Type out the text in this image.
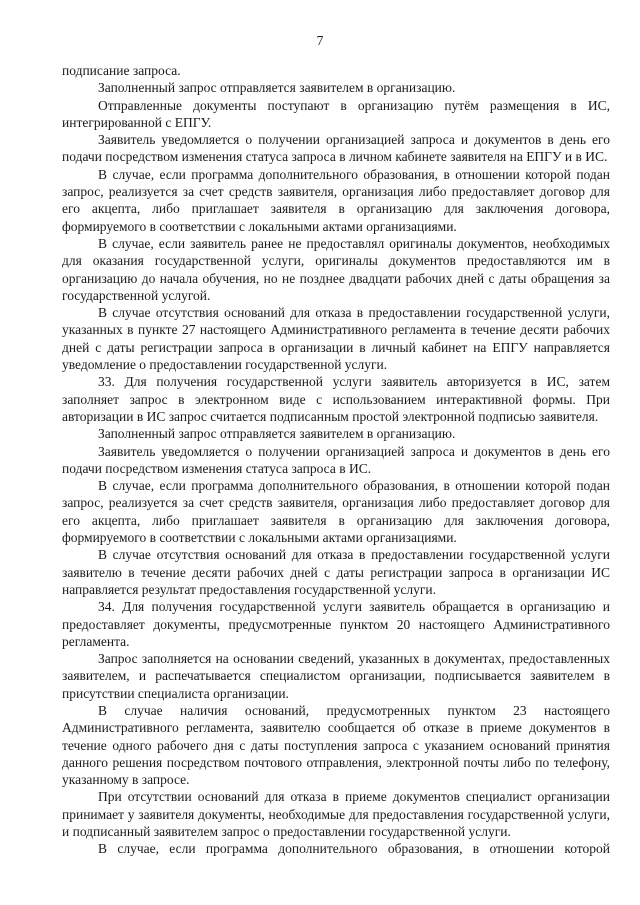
7

подписание запроса.

Заполненный запрос отправляется заявителем в организацию.

Отправленные документы поступают в организацию путём размещения в ИС, интегрированной с ЕПГУ.

Заявитель уведомляется о получении организацией запроса и документов в день его подачи посредством изменения статуса запроса в личном кабинете заявителя на ЕПГУ и в ИС.

В случае, если программа дополнительного образования, в отношении которой подан запрос, реализуется за счет средств заявителя, организация либо предоставляет договор для его акцепта, либо приглашает заявителя в организацию для заключения договора, формируемого в соответствии с локальными актами организациями.

В случае, если заявитель ранее не предоставлял оригиналы документов, необходимых для оказания государственной услуги, оригиналы документов предоставляются им в организацию до начала обучения, но не позднее двадцати рабочих дней с даты обращения за государственной услугой.

В случае отсутствия оснований для отказа в предоставлении государственной услуги, указанных в пункте 27 настоящего Административного регламента в течение десяти рабочих дней с даты регистрации запроса в организации в личный кабинет на ЕПГУ направляется уведомление о предоставлении государственной услуги.

33. Для получения государственной услуги заявитель авторизуется в ИС, затем заполняет запрос в электронном виде с использованием интерактивной формы. При авторизации в ИС запрос считается подписанным простой электронной подписью заявителя.

Заполненный запрос отправляется заявителем в организацию.

Заявитель уведомляется о получении организацией запроса и документов в день его подачи посредством изменения статуса запроса в ИС.

В случае, если программа дополнительного образования, в отношении которой подан запрос, реализуется за счет средств заявителя, организация либо предоставляет договор для его акцепта, либо приглашает заявителя в организацию для заключения договора, формируемого в соответствии с локальными актами организациями.

В случае отсутствия оснований для отказа в предоставлении государственной услуги заявителю в течение десяти рабочих дней с даты регистрации запроса в организации ИС направляется результат предоставления государственной услуги.

34. Для получения государственной услуги заявитель обращается в организацию и предоставляет документы, предусмотренные пунктом 20 настоящего Административного регламента.

Запрос заполняется на основании сведений, указанных в документах, предоставленных заявителем, и распечатывается специалистом организации, подписывается заявителем в присутствии специалиста организации.

В случае наличия оснований, предусмотренных пунктом 23 настоящего Административного регламента, заявителю сообщается об отказе в приеме документов в течение одного рабочего дня с даты поступления запроса с указанием оснований принятия данного решения посредством почтового отправления, электронной почты либо по телефону, указанному в запросе.

При отсутствии оснований для отказа в приеме документов специалист организации принимает у заявителя документы, необходимые для предоставления государственной услуги, и подписанный заявителем запрос о предоставлении государственной услуги.

В случае, если программа дополнительного образования, в отношении которой
